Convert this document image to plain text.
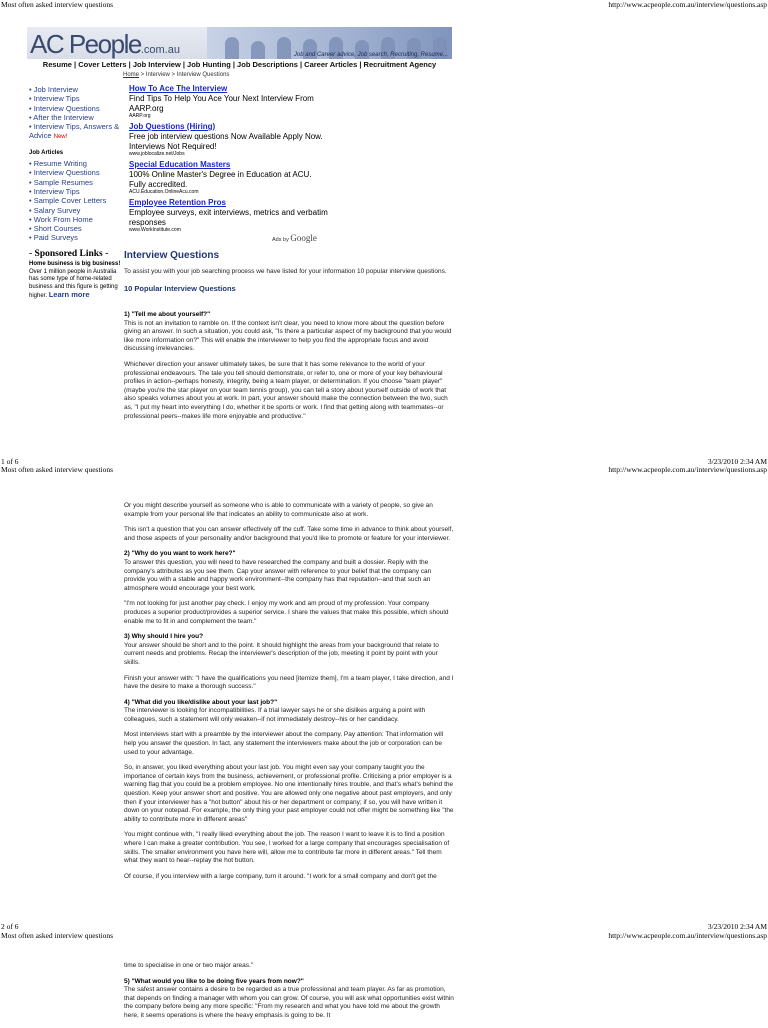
Most often asked interview questions	http://www.acpeople.com.au/interview/questions.asp
AC People.com.au	Job and Career advice, Job search, Recruiting, Resume...
Resume | Cover Letters | Job Interview | Job Hunting | Job Descriptions | Career Articles | Recruitment Agency
Home > Interview > Interview Questions
• Job Interview
• Interview Tips
• Interview Questions
• After the Interview
• Interview Tips, Answers &
Advice New!
Job Articles
• Resume Writing
• Interview Questions
• Sample Resumes
• Interview Tips
• Sample Cover Letters
• Salary Survey
• Work From Home
• Short Courses
• Paid Surveys
- Sponsored Links -
Home business is big business!
Over 1 million people in Australia has some type of home-related business and this figure is getting higher. Learn more
How To Ace The Interview
Find Tips To Help You Ace Your Next Interview From AARP.org
AARP.org
Job Questions (Hiring)
Free job interview questions Now Available Apply Now. Interviews Not Required!
www.joblocalize.net/Jobs
Special Education Masters
100% Online Master's Degree in Education at ACU. Fully accredited.
ACU.Education.OnlineAcu.com
Employee Retention Pros
Employee surveys, exit interviews, metrics and verbatim responses
www.WorkInstitute.com
Ads by Google
Interview Questions
To assist you with your job searching process we have listed for your information 10 popular interview questions.
10 Popular Interview Questions

1) "Tell me about yourself?"
This is not an invitation to ramble on. If the context isn't clear, you need to know more about the question before giving an answer. In such a situation, you could ask, "Is there a particular aspect of my background that you would like more information on?" This will enable the interviewer to help you find the appropriate focus and avoid discussing irrelevancies.

Whichever direction your answer ultimately takes, be sure that it has some relevance to the world of your professional endeavours. The tale you tell should demonstrate, or refer to, one or more of your key behavioural profiles in action--perhaps honesty, integrity, being a team player, or determination. If you choose "team player" (maybe you're the star player on your team tennis group), you can tell a story about yourself outside of work that also speaks volumes about you at work. In part, your answer should make the connection between the two, such as, "I put my heart into everything I do, whether it be sports or work. I find that getting along with teammates--or professional peers--makes life more enjoyable and productive."

1 of 6	3/23/2010 2:34 AM
Most often asked interview questions	http://www.acpeople.com.au/interview/questions.asp

Or you might describe yourself as someone who is able to communicate with a variety of people, so give an example from your personal life that indicates an ability to communicate also at work.

This isn't a question that you can answer effectively off the cuff. Take some time in advance to think about yourself, and those aspects of your personality and/or background that you'd like to promote or feature for your interviewer.

2) "Why do you want to work here?"
To answer this question, you will need to have researched the company and built a dossier. Reply with the company's attributes as you see them. Cap your answer with reference to your belief that the company can provide you with a stable and happy work environment--the company has that reputation--and that such an atmosphere would encourage your best work.

"I'm not looking for just another pay check. I enjoy my work and am proud of my profession. Your company produces a superior product/provides a superior service. I share the values that make this possible, which should enable me to fit in and complement the team."

3) Why should I hire you?
Your answer should be short and to the point. It should highlight the areas from your background that relate to current needs and problems. Recap the interviewer's description of the job, meeting it point by point with your skills.

Finish your answer with: "I have the qualifications you need [itemize them], I'm a team player, I take direction, and I have the desire to make a thorough success."

4) "What did you like/dislike about your last job?"
The interviewer is looking for incompatibilities. If a trial lawyer says he or she dislikes arguing a point with colleagues, such a statement will only weaken--if not immediately destroy--his or her candidacy.

Most interviews start with a preamble by the interviewer about the company. Pay attention: That information will help you answer the question. In fact, any statement the interviewers make about the job or corporation can be used to your advantage.

So, in answer, you liked everything about your last job. You might even say your company taught you the importance of certain keys from the business, achievement, or professional profile. Criticising a prior employer is a warning flag that you could be a problem employee. No one intentionally hires trouble, and that's what's behind the question. Keep your answer short and positive. You are allowed only one negative about past employers, and only then if your interviewer has a "hot button" about his or her department or company; if so, you will have written it down on your notepad. For example, the only thing your past employer could not offer might be something like "the ability to contribute more in different areas"

You might continue with, "I really liked everything about the job. The reason I want to leave it is to find a position where I can make a greater contribution. You see, I worked for a large company that encourages specialisation of skills. The smaller environment you have here will, allow me to contribute far more in different areas." Tell them what they want to hear--replay the hot button.

Of course, if you interview with a large company, turn it around. "I work for a small company and don't get the

2 of 6	3/23/2010 2:34 AM
Most often asked interview questions	http://www.acpeople.com.au/interview/questions.asp

time to specialise in one or two major areas."

5) "What would you like to be doing five years from now?"
The safest answer contains a desire to be regarded as a true professional and team player. As far as promotion, that depends on finding a manager with whom you can grow. Of course, you will ask what opportunities exist within the company before being any more specific: "From my research and what you have told me about the growth here, it seems operations is where the heavy emphasis is going to be. It
